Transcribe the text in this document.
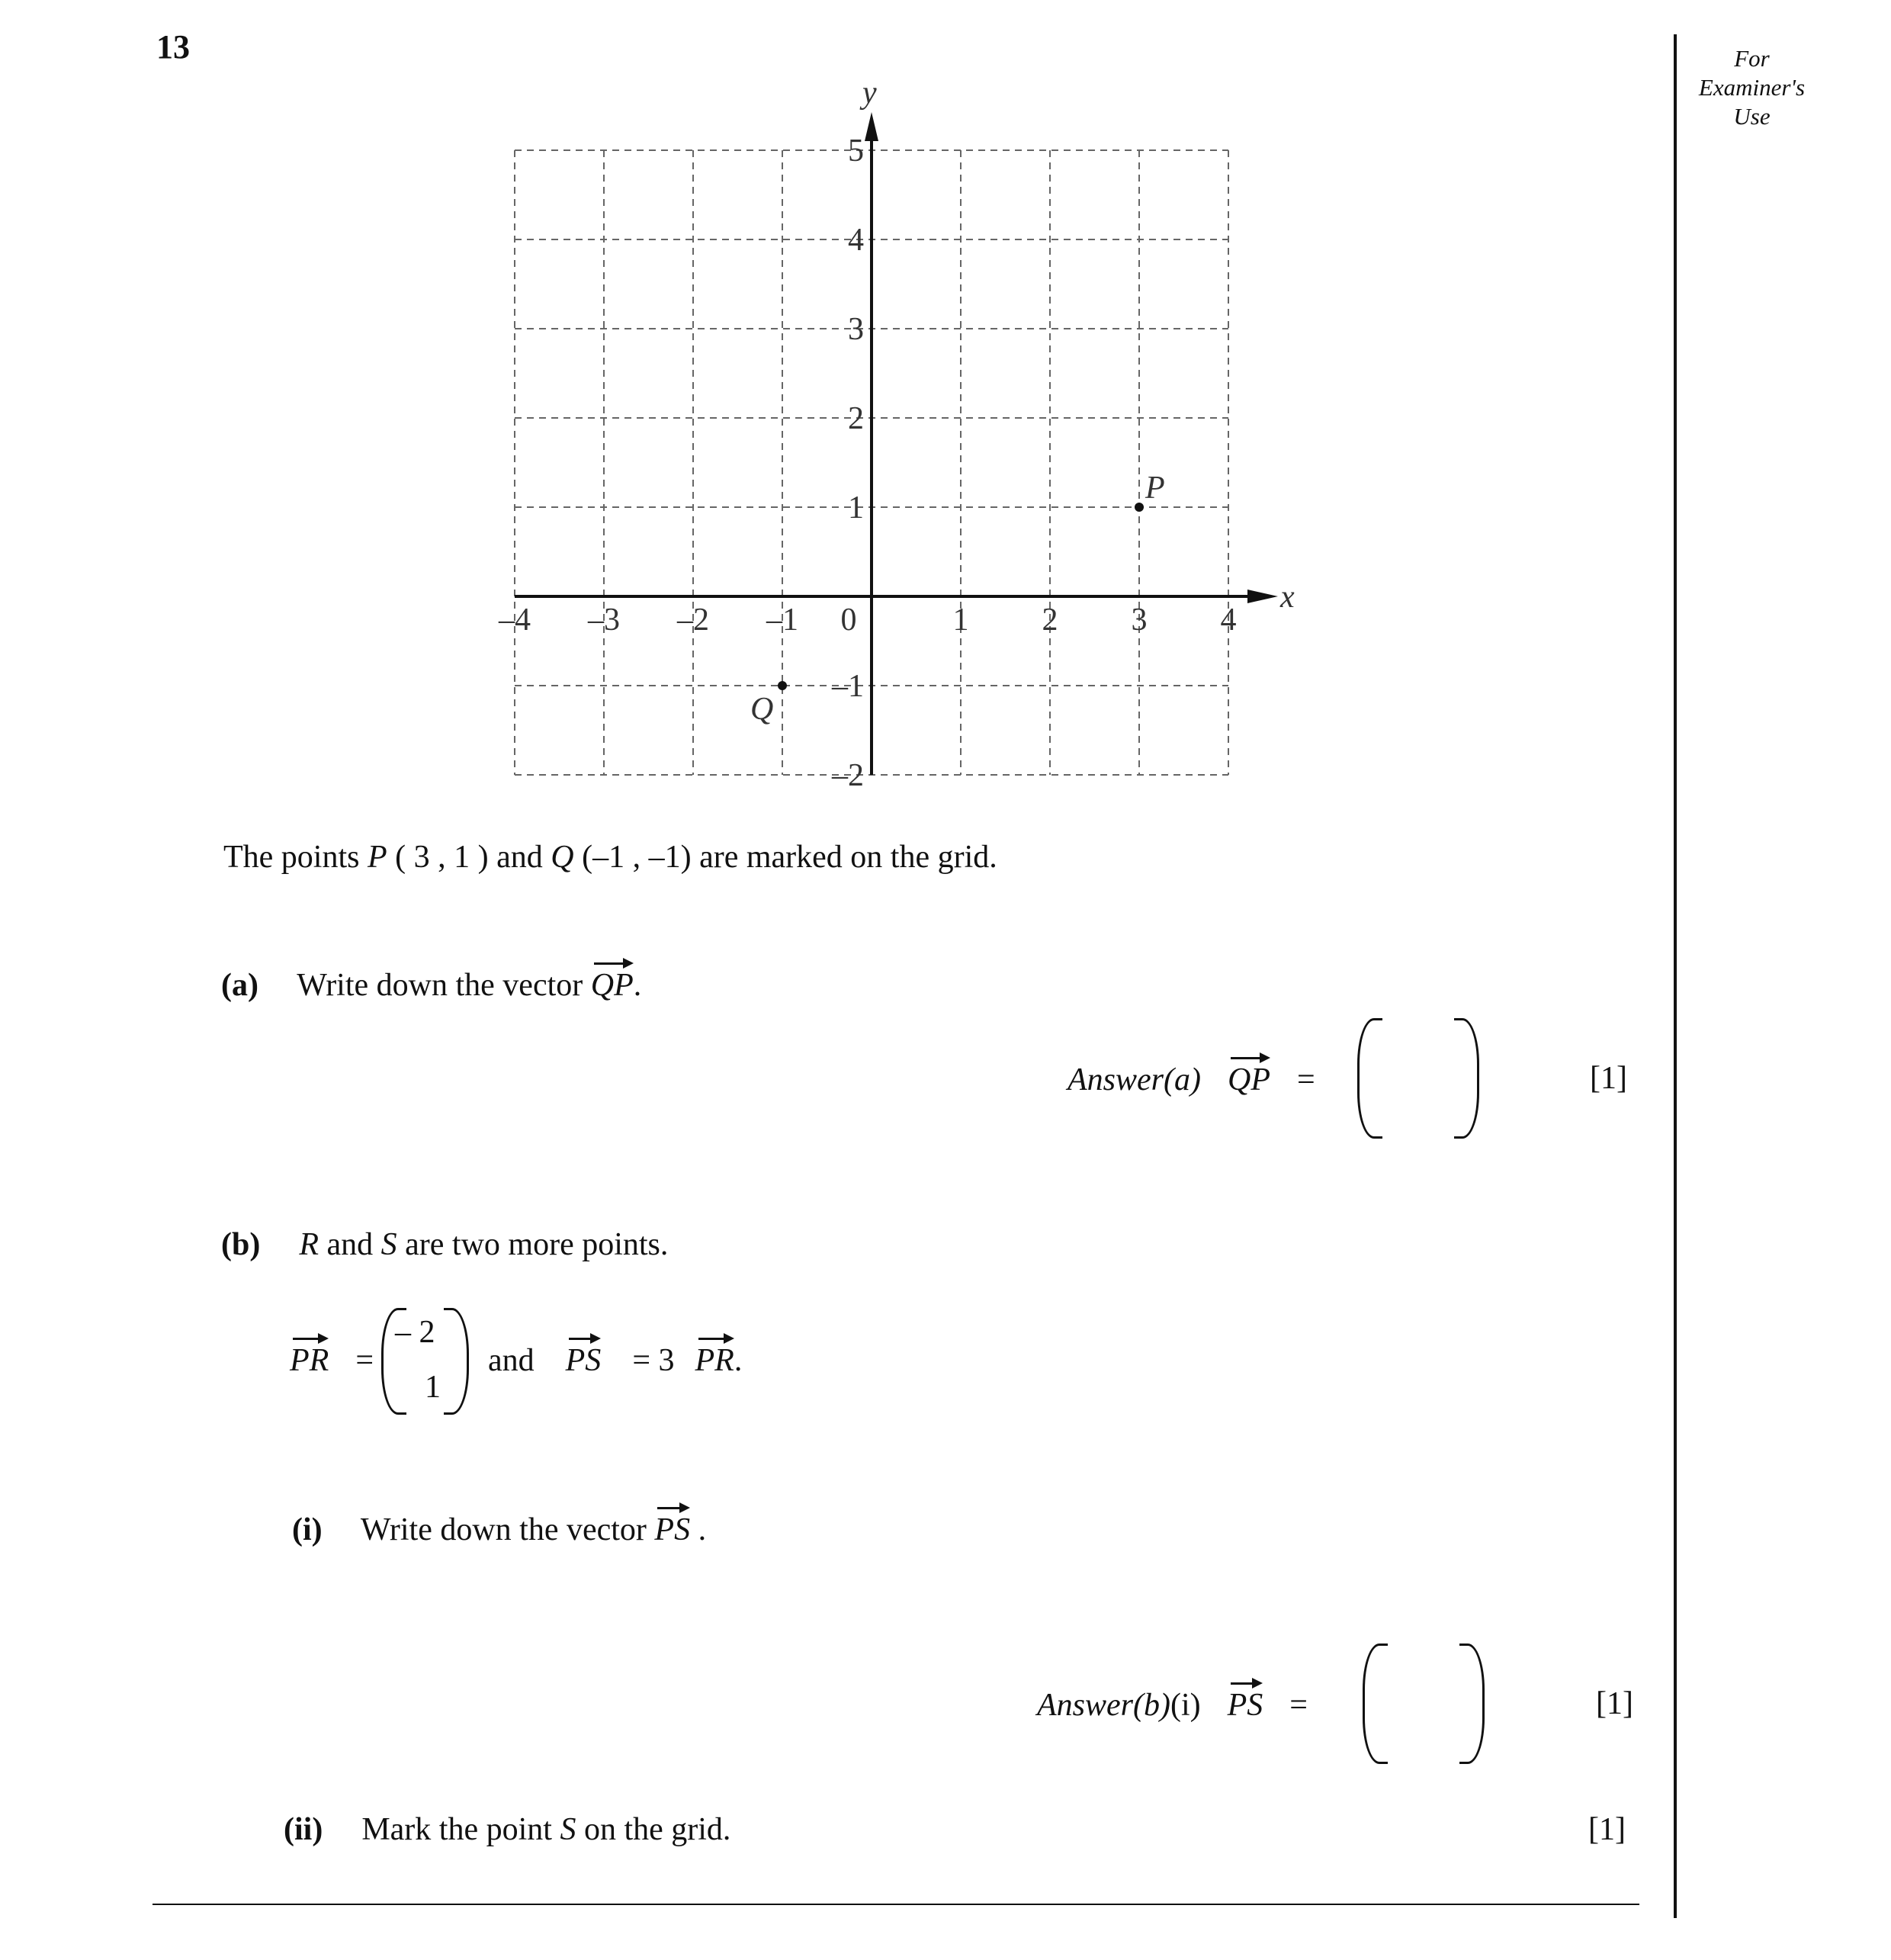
13	For
Examiner's
Use
x
y
–4 –3 –2 –1 0	1 2 3 4
5
4
3
2
1
–1
–2
P
Q
The points P ( 3 , 1 ) and Q (–1 , –1) are marked on the grid.
(a) Write down the vector QP.
Answer(a) QP =	[1]
(b) R and S are two more points.
PR =
– 2
1
and PS = 3 PR.
(i) Write down the vector PS .
Answer(b)(i) PS =	[1]
(ii) Mark the point S on the grid.	[1]
